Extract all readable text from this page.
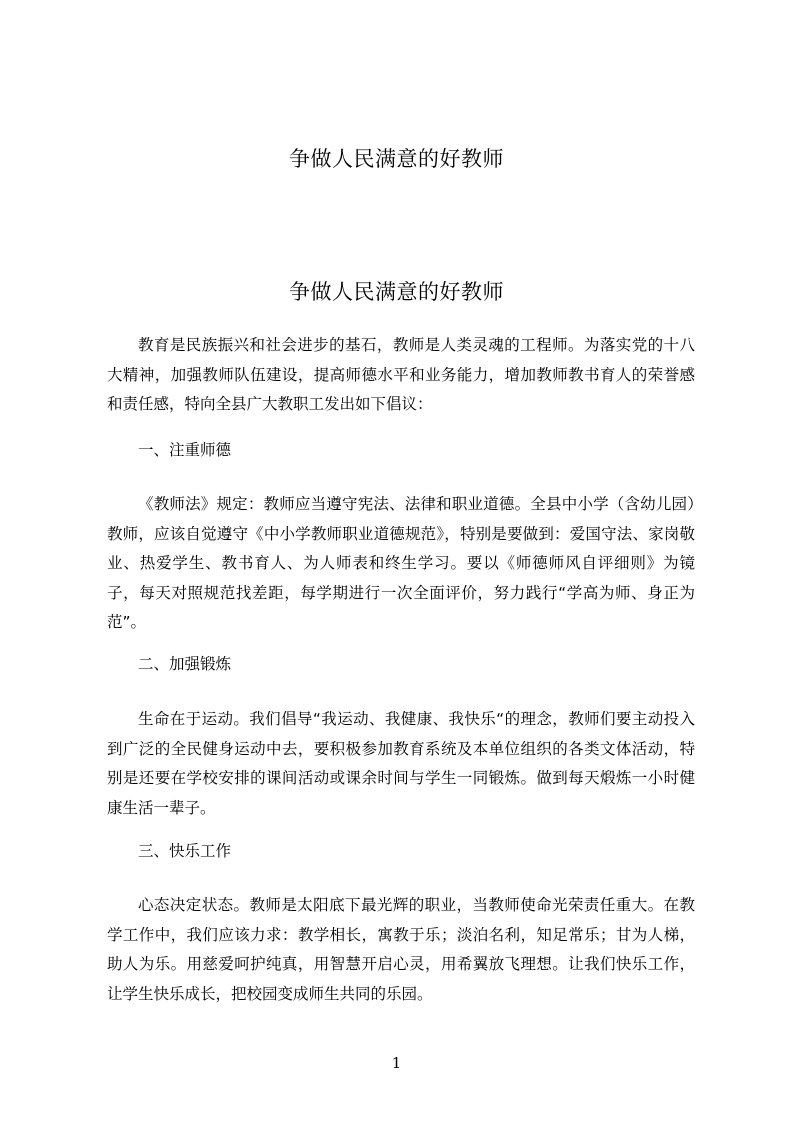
争做人民满意的好教师
争做人民满意的好教师

教育是民族振兴和社会进步的基石，教师是人类灵魂的工程师。为落实党的十八大精神，加强教师队伍建设，提高师德水平和业务能力，增加教师教书育人的荣誉感和责任感，特向全县广大教职工发出如下倡议：

一、注重师德

《教师法》规定：教师应当遵守宪法、法律和职业道德。全县中小学（含幼儿园）教师，应该自觉遵守《中小学教师职业道德规范》，特别是要做到：爱国守法、家岗敬业、热爱学生、教书育人、为人师表和终生学习。要以《师德师风自评细则》为镜子，每天对照规范找差距，每学期进行一次全面评价，努力践行“学高为师、身正为范”。

二、加强锻炼

生命在于运动。我们倡导“我运动、我健康、我快乐“的理念，教师们要主动投入到广泛的全民健身运动中去，要积极参加教育系统及本单位组织的各类文体活动，特别是还要在学校安排的课间活动或课余时间与学生一同锻炼。做到每天煅炼一小时健康生活一辈子。

三、快乐工作

心态决定状态。教师是太阳底下最光辉的职业，当教师使命光荣责任重大。在教学工作中，我们应该力求：教学相长，寓教于乐；淡泊名利，知足常乐；甘为人梯，助人为乐。用慈爱呵护纯真，用智慧开启心灵，用希翼放飞理想。让我们快乐工作，让学生快乐成长，把校园变成师生共同的乐园。

1
